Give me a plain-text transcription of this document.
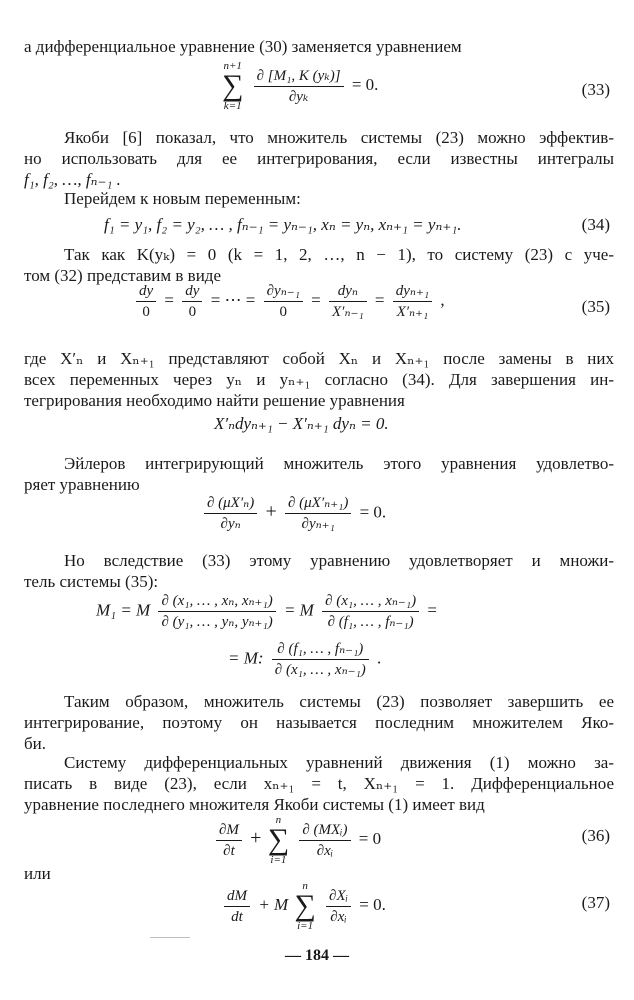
а дифференциальное уравнение (30) заменяется уравнением
n+1
∑
k=1

$\frac{\text{∂ [M₁, K (yₖ)]}}{\text{∂yₖ}} = 0$.	(33)
Якоби [6] показал, что множитель системы (23) можно эффектив-
но использовать для ее интегрирования, если известны интегралы
f₁, f₂, …, fₙ₋₁ .
Перейдем к новым переменным:
f₁ = y₁, f₂ = y₂, … , fₙ₋₁ = yₙ₋₁, xₙ = yₙ, xₙ₊₁ = yₙ₊₁.	(34)
Так как K(yₖ) = 0 (k = 1, 2, …, n − 1), то систему (23) с уче-
том (32) представим в виде
$\frac{dy}{0} = \frac{dy}{0}$ = ⋯ = $\frac{\text{∂yₙ₋₁}}{0} = \frac{\text{dyₙ}}{\text{X′ₙ₋₁}} = \frac{\text{dyₙ₊₁}}{\text{X′ₙ₊₁}}$ ,	(35)
где X′ₙ и Xₙ₊₁ представляют собой Xₙ и Xₙ₊₁ после замены в них
всех переменных через yₙ и yₙ₊₁ согласно (34). Для завершения ин-
тегрирования необходимо найти решение уравнения
X′ₙdyₙ₊₁ − X′ₙ₊₁ dyₙ = 0.
Эйлеров интегрирующий множитель этого уравнения удовлетво-
ряет уравнению
$\frac{\text{∂ (μX′ₙ)}}{\text{∂yₙ}} + \frac{\text{∂ (μX′ₙ₊₁)}}{\text{∂yₙ₊₁}} = 0$.
Но вследствие (33) этому уравнению удовлетворяет и множи-
тель системы (35):
M₁ = M $\frac{\text{∂ (x₁, … , xₙ, xₙ₊₁)}}{\text{∂ (y₁, … , yₙ, yₙ₊₁)}} = M \frac{\text{∂ (x₁, … , xₙ₋₁)}}{\text{∂ (f₁, … , fₙ₋₁)}}$ =
= M: $\frac{\text{∂ (f₁, … , fₙ₋₁)}}{\text{∂ (x₁, … , xₙ₋₁)}}$ .
Таким образом, множитель системы (23) позволяет завершить ее
интегрирование, поэтому он называется последним множителем Яко-
би.
Систему дифференциальных уравнений движения (1) можно за-
писать в виде (23), если xₙ₊₁ = t, Xₙ₊₁ = 1. Дифференциальное
уравнение последнего множителя Якоби системы (1) имеет вид
$\frac{\partial M}{\partial t}$ +
n
∑
i=1

$\frac{\text{∂ (MXᵢ)}}{\text{∂xᵢ}} = 0$	(36)
или
$\frac{dM}{dt} + M$
n
∑
i=1

$\frac{\text{∂Xᵢ}}{\text{∂xᵢ}} = 0$.	(37)
— 184 —
